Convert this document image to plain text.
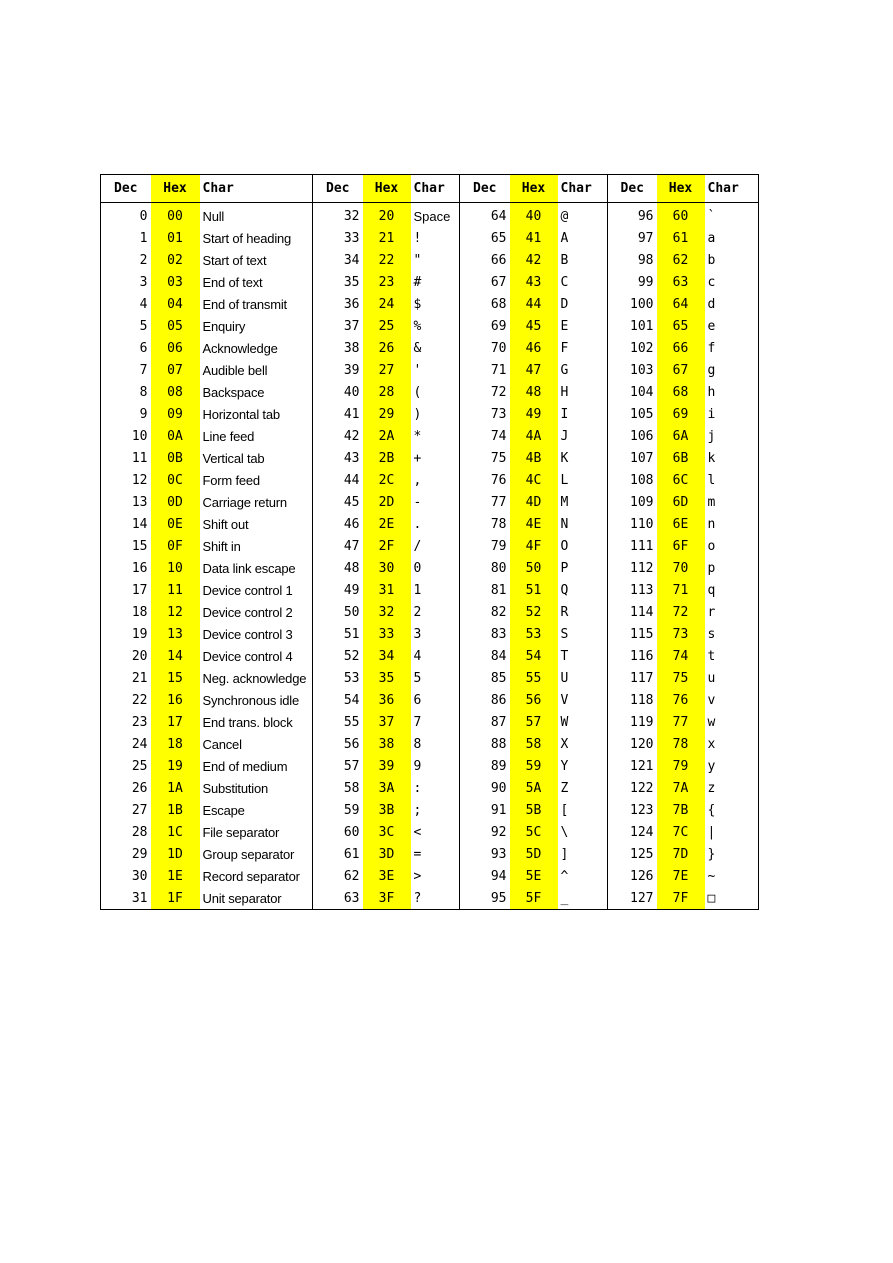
Dec	Hex	Char	Dec	Hex	Char	Dec	Hex	Char	Dec	Hex	Char
0	00	Null	32	20	Space	64	40	@	96	60	`
1	01	Start of heading	33	21	!	65	41	A	97	61	a
2	02	Start of text	34	22	"	66	42	B	98	62	b
3	03	End of text	35	23	#	67	43	C	99	63	c
4	04	End of transmit	36	24	$	68	44	D	100	64	d
5	05	Enquiry	37	25	%	69	45	E	101	65	e
6	06	Acknowledge	38	26	&	70	46	F	102	66	f
7	07	Audible bell	39	27	'	71	47	G	103	67	g
8	08	Backspace	40	28	(	72	48	H	104	68	h
9	09	Horizontal tab	41	29	)	73	49	I	105	69	i
10	0A	Line feed	42	2A	*	74	4A	J	106	6A	j
11	0B	Vertical tab	43	2B	+	75	4B	K	107	6B	k
12	0C	Form feed	44	2C	,	76	4C	L	108	6C	l
13	0D	Carriage return	45	2D	-	77	4D	M	109	6D	m
14	0E	Shift out	46	2E	.	78	4E	N	110	6E	n
15	0F	Shift in	47	2F	/	79	4F	O	111	6F	o
16	10	Data link escape	48	30	0	80	50	P	112	70	p
17	11	Device control 1	49	31	1	81	51	Q	113	71	q
18	12	Device control 2	50	32	2	82	52	R	114	72	r
19	13	Device control 3	51	33	3	83	53	S	115	73	s
20	14	Device control 4	52	34	4	84	54	T	116	74	t
21	15	Neg. acknowledge	53	35	5	85	55	U	117	75	u
22	16	Synchronous idle	54	36	6	86	56	V	118	76	v
23	17	End trans. block	55	37	7	87	57	W	119	77	w
24	18	Cancel	56	38	8	88	58	X	120	78	x
25	19	End of medium	57	39	9	89	59	Y	121	79	y
26	1A	Substitution	58	3A	:	90	5A	Z	122	7A	z
27	1B	Escape	59	3B	;	91	5B	[	123	7B	{
28	1C	File separator	60	3C	<	92	5C	\	124	7C	|
29	1D	Group separator	61	3D	=	93	5D	]	125	7D	}
30	1E	Record separator	62	3E	>	94	5E	^	126	7E	~
31	1F	Unit separator	63	3F	?	95	5F	_	127	7F	□
